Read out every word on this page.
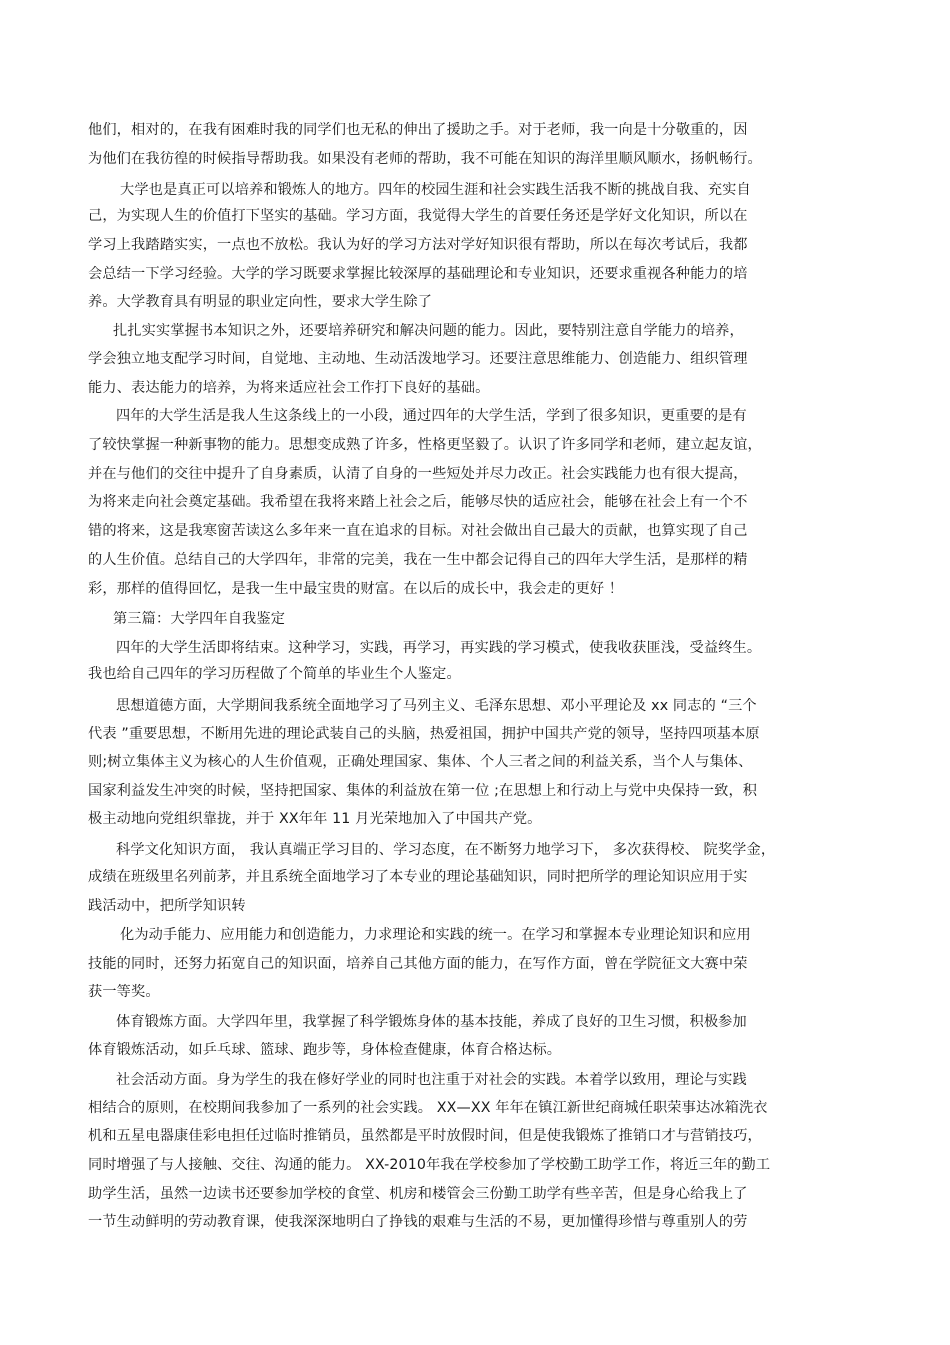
他们，相对的，在我有困难时我的同学们也无私的伸出了援助之手。对于老师，我一向是十分敬重的，因
为他们在我彷徨的时候指导帮助我。如果没有老师的帮助，我不可能在知识的海洋里顺风顺水，扬帆畅行。
大学也是真正可以培养和锻炼人的地方。四年的校园生涯和社会实践生活我不断的挑战自我、充实自
己，为实现人生的价值打下坚实的基础。学习方面，我觉得大学生的首要任务还是学好文化知识，所以在
学习上我踏踏实实，一点也不放松。我认为好的学习方法对学好知识很有帮助，所以在每次考试后，我都
会总结一下学习经验。大学的学习既要求掌握比较深厚的基础理论和专业知识，还要求重视各种能力的培
养。大学教育具有明显的职业定向性，要求大学生除了
扎扎实实掌握书本知识之外，还要培养研究和解决问题的能力。因此，要特别注意自学能力的培养，
学会独立地支配学习时间，自觉地、主动地、生动活泼地学习。还要注意思维能力、创造能力、组织管理
能力、表达能力的培养，为将来适应社会工作打下良好的基础。
四年的大学生活是我人生这条线上的一小段，通过四年的大学生活，学到了很多知识，更重要的是有
了较快掌握一种新事物的能力。思想变成熟了许多，性格更坚毅了。认识了许多同学和老师，建立起友谊，
并在与他们的交往中提升了自身素质，认清了自身的一些短处并尽力改正。社会实践能力也有很大提高，
为将来走向社会奠定基础。我希望在我将来踏上社会之后，能够尽快的适应社会，能够在社会上有一个不
错的将来，这是我寒窗苦读这么多年来一直在追求的目标。对社会做出自己最大的贡献，也算实现了自己
的人生价值。总结自己的大学四年，非常的完美，我在一生中都会记得自己的四年大学生活，是那样的精
彩，那样的值得回忆，是我一生中最宝贵的财富。在以后的成长中，我会走的更好 ！
第三篇：大学四年自我鉴定
四年的大学生活即将结束。这种学习，实践，再学习，再实践的学习模式，使我收获匪浅，受益终生。
我也给自己四年的学习历程做了个简单的毕业生个人鉴定。
思想道德方面，大学期间我系统全面地学习了马列主义、毛泽东思想、邓小平理论及 xx 同志的 “三个
代表 ”重要思想，不断用先进的理论武装自己的头脑，热爱祖国，拥护中国共产党的领导，坚持四项基本原
则;树立集体主义为核心的人生价值观，正确处理国家、集体、个人三者之间的利益关系，当个人与集体、
国家利益发生冲突的时候，坚持把国家、集体的利益放在第一位 ;在思想上和行动上与党中央保持一致，积
极主动地向党组织靠拢，并于 XX年年 11 月光荣地加入了中国共产党。
科学文化知识方面， 我认真端正学习目的、学习态度，在不断努力地学习下， 多次获得校、 院奖学金，
成绩在班级里名列前茅，并且系统全面地学习了本专业的理论基础知识，同时把所学的理论知识应用于实
践活动中，把所学知识转
化为动手能力、应用能力和创造能力，力求理论和实践的统一。在学习和掌握本专业理论知识和应用
技能的同时，还努力拓宽自己的知识面，培养自己其他方面的能力，在写作方面，曾在学院征文大赛中荣
获一等奖。
体育锻炼方面。大学四年里，我掌握了科学锻炼身体的基本技能，养成了良好的卫生习惯，积极参加
体育锻炼活动，如乒乓球、篮球、跑步等，身体检查健康，体育合格达标。
社会活动方面。身为学生的我在修好学业的同时也注重于对社会的实践。本着学以致用，理论与实践
相结合的原则，在校期间我参加了一系列的社会实践。 XX—XX 年年在镇江新世纪商城任职荣事达冰箱洗衣
机和五星电器康佳彩电担任过临时推销员，虽然都是平时放假时间，但是使我锻炼了推销口才与营销技巧，
同时增强了与人接触、交往、沟通的能力。 XX-2010年我在学校参加了学校勤工助学工作，将近三年的勤工
助学生活，虽然一边读书还要参加学校的食堂、机房和楼管会三份勤工助学有些辛苦，但是身心给我上了
一节生动鲜明的劳动教育课，使我深深地明白了挣钱的艰难与生活的不易，更加懂得珍惜与尊重别人的劳
